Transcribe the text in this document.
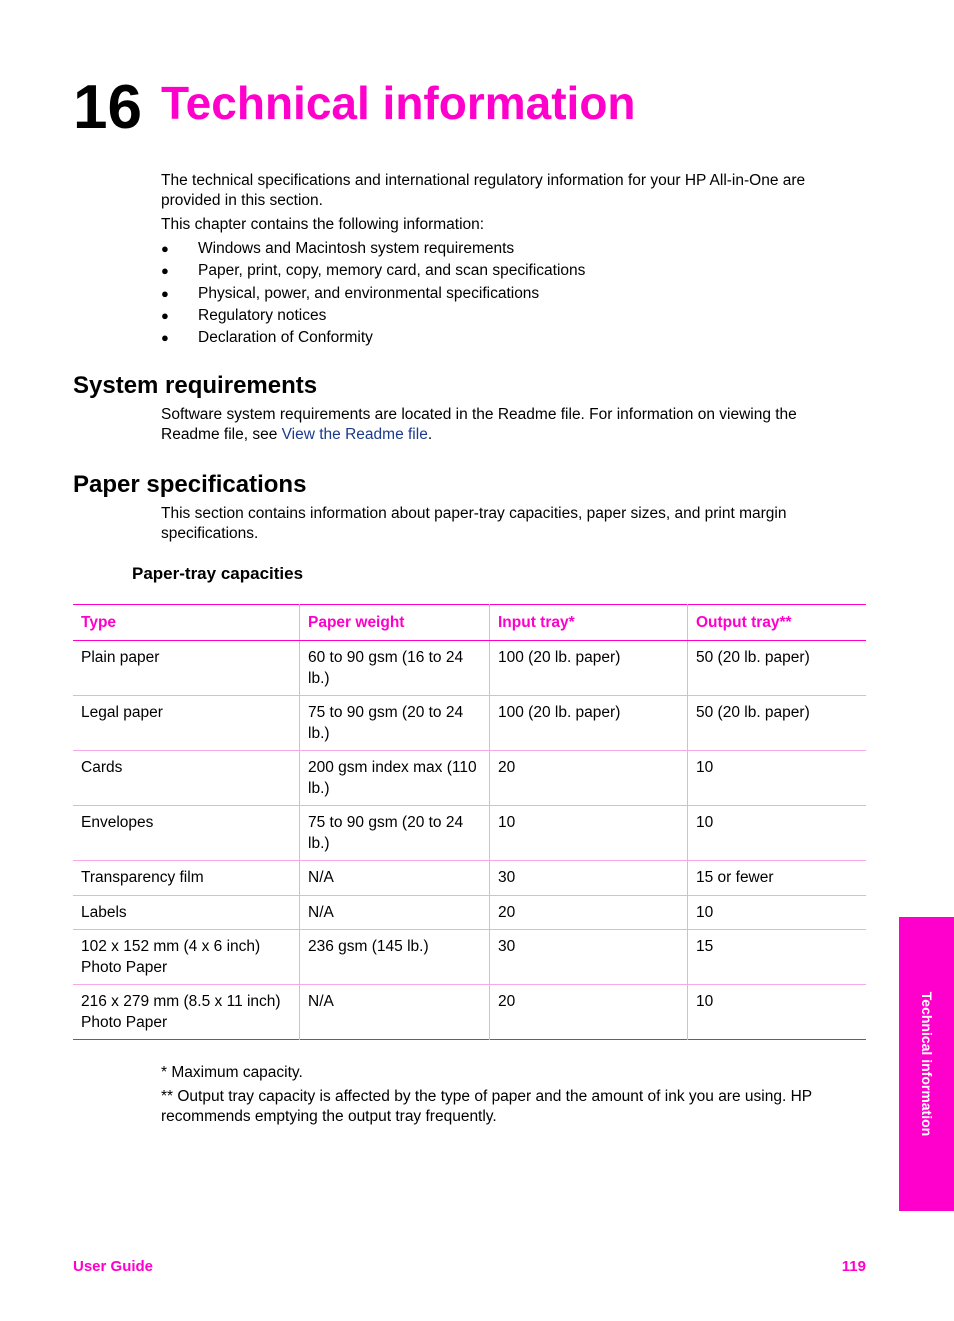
16 Technical information

The technical specifications and international regulatory information for your HP All-in-One are provided in this section.

This chapter contains the following information:

● Windows and Macintosh system requirements
● Paper, print, copy, memory card, and scan specifications
● Physical, power, and environmental specifications
● Regulatory notices
● Declaration of Conformity
System requirements

Software system requirements are located in the Readme file. For information on viewing the Readme file, see View the Readme file.

Paper specifications

This section contains information about paper-tray capacities, paper sizes, and print margin specifications.

Paper-tray capacities
Type	Paper weight	Input tray*	Output tray**
Plain paper	60 to 90 gsm (16 to 24 lb.)	100 (20 lb. paper)	50 (20 lb. paper)
Legal paper	75 to 90 gsm (20 to 24 lb.)	100 (20 lb. paper)	50 (20 lb. paper)
Cards	200 gsm index max (110 lb.)	20	10
Envelopes	75 to 90 gsm (20 to 24 lb.)	10	10
Transparency film	N/A	30	15 or fewer
Labels	N/A	20	10
102 x 152 mm (4 x 6 inch) Photo Paper	236 gsm (145 lb.)	30	15
216 x 279 mm (8.5 x 11 inch) Photo Paper	N/A	20	10

* Maximum capacity.

** Output tray capacity is affected by the type of paper and the amount of ink you are using. HP recommends emptying the output tray frequently.	Technical information
User Guide	119
